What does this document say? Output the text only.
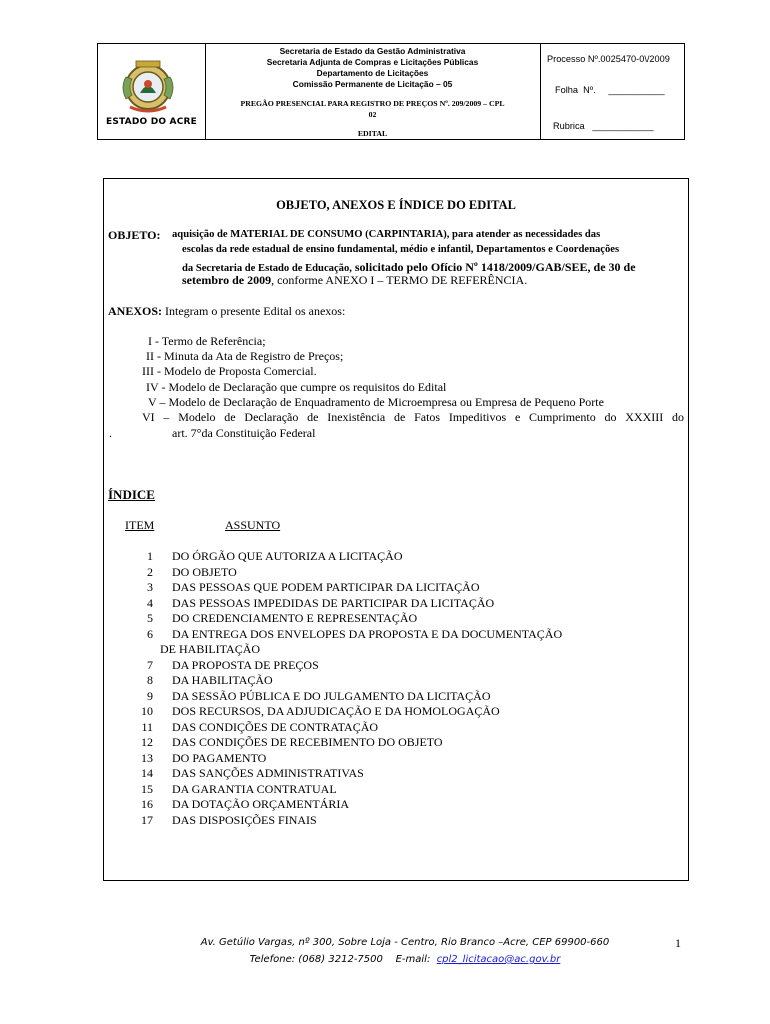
ESTADO DO ACRE
Secretaria de Estado da Gestão Administrativa
Secretaria Adjunta de Compras e Licitações Públicas
Departamento de Licitações
Comissão Permanente de Licitação – 05
PREGÃO PRESENCIAL PARA REGISTRO DE PREÇOS Nº. 209/2009 – CPL
02
EDITAL
Processo Nº.0025470-0\/2009
Folha  Nº.     ___________
Rubrica   ____________
OBJETO, ANEXOS E ÍNDICE DO EDITAL
OBJETO: aquisição de MATERIAL DE CONSUMO (CARPINTARIA), para atender as necessidades das
escolas da rede estadual de ensino fundamental, médio e infantil, Departamentos e Coordenações
da Secretaria de Estado de Educação, solicitado pelo Ofício Nº 1418/2009/GAB/SEE, de 30 de
setembro de 2009, conforme ANEXO I – TERMO DE REFERÊNCIA.
ANEXOS: Integram o presente Edital os anexos:
I - Termo de Referência;
II - Minuta da Ata de Registro de Preços;
III - Modelo de Proposta Comercial.
IV - Modelo de Declaração que cumpre os requisitos do Edital
V – Modelo de Declaração de Enquadramento de Microempresa ou Empresa de Pequeno Porte
VI – Modelo de Declaração de Inexistência de Fatos Impeditivos e Cumprimento do XXXIII do
.	art. 7°da Constituição Federal
ÍNDICE
ITEM	ASSUNTO
1 DO ÓRGÃO QUE AUTORIZA A LICITAÇÃO
2 DO OBJETO
3 DAS PESSOAS QUE PODEM PARTICIPAR DA LICITAÇÃO
4 DAS PESSOAS IMPEDIDAS DE PARTICIPAR DA LICITAÇÃO
5 DO CREDENCIAMENTO E REPRESENTAÇÃO
6 DA ENTREGA DOS ENVELOPES DA PROPOSTA E DA DOCUMENTAÇÃO
DE HABILITAÇÃO
7 DA PROPOSTA DE PREÇOS
8 DA HABILITAÇÃO
9 DA SESSÃO PÚBLICA E DO JULGAMENTO DA LICITAÇÃO
10 DOS RECURSOS, DA ADJUDICAÇÃO E DA HOMOLOGAÇÃO
11 DAS CONDIÇÕES DE CONTRATAÇÃO
12 DAS CONDIÇÕES DE RECEBIMENTO DO OBJETO
13 DO PAGAMENTO
14 DAS SANÇÕES ADMINISTRATIVAS
15 DA GARANTIA CONTRATUAL
16 DA DOTAÇÃO ORÇAMENTÁRIA
17 DAS DISPOSIÇÕES FINAIS
Av. Getúlio Vargas, nº 300, Sobre Loja - Centro, Rio Branco –Acre, CEP 69900-660
Telefone: (068) 3212-7500    E-mail:  cpl2_licitacao@ac.gov.br
1
